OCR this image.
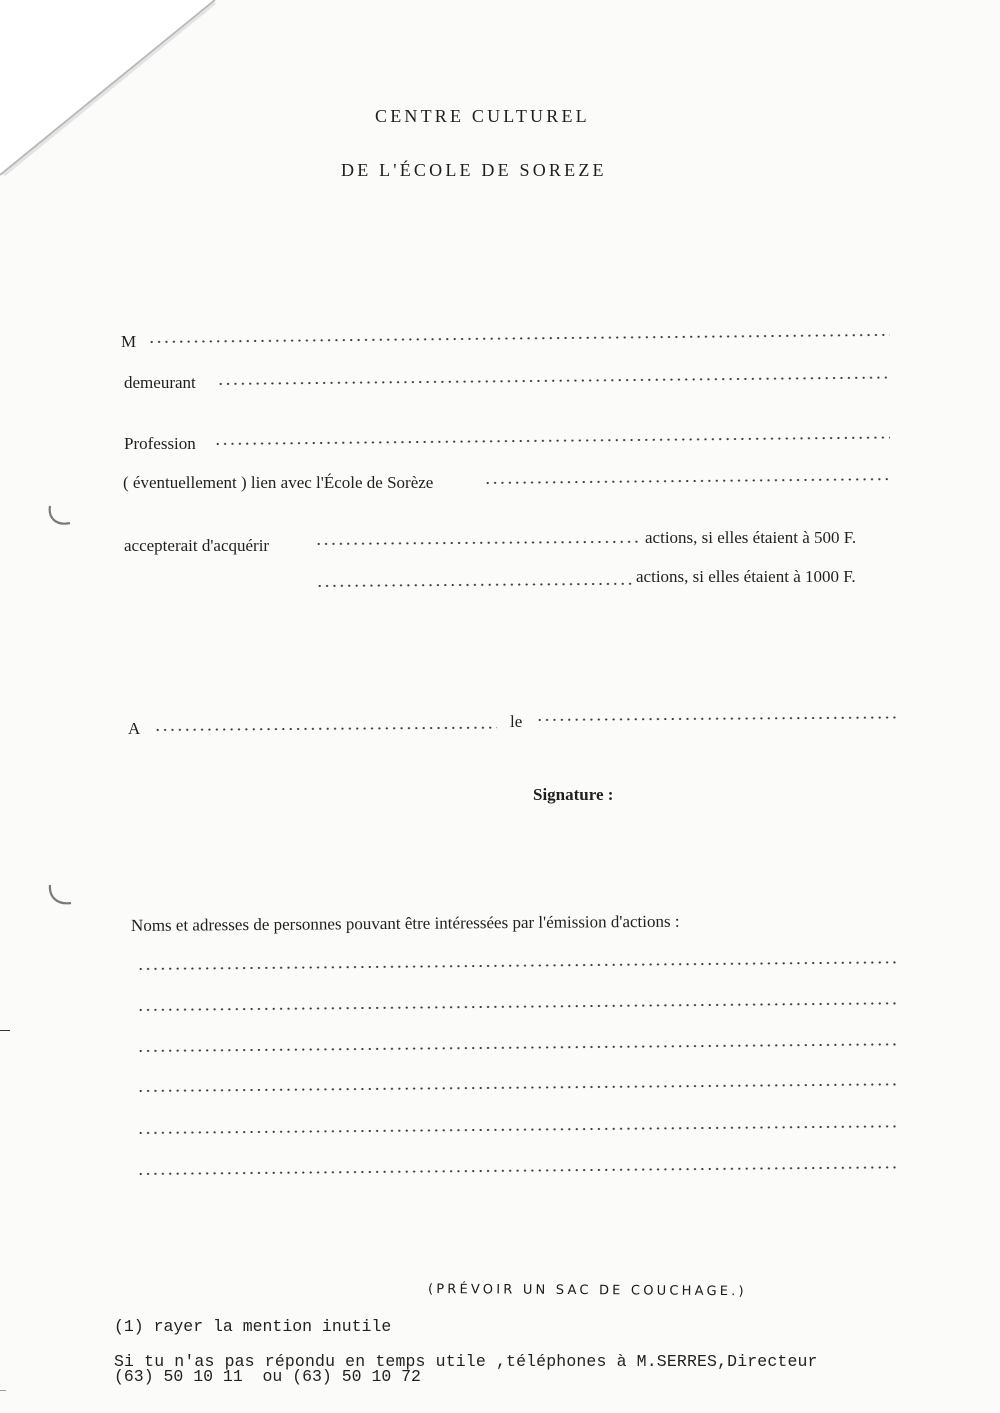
CENTRE CULTUREL
DE L'ÉCOLE DE SOREZE
M
demeurant
Profession
( éventuellement ) lien avec l'École de Sorèze
accepterait d'acquérir	actions, si elles étaient à 500 F.
actions, si elles étaient à 1000 F.
A	le
Signature :
Noms et adresses de personnes pouvant être intéressées par l'émission d'actions :
(PRÉVOIR UN SAC DE COUCHAGE.)
(1) rayer la mention inutile
Si tu n'as pas répondu en temps utile ,téléphones à M.SERRES,Directeur
(63) 50 10 11  ou (63) 50 10 72
